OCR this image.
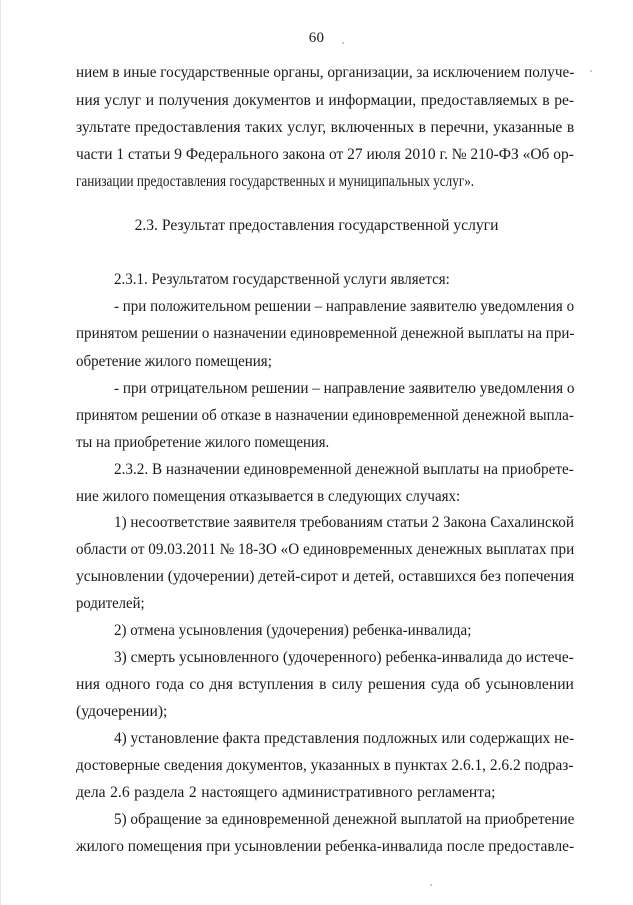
60
нием в иные государственные органы, организации, за исключением получе-
ния услуг и получения документов и информации, предоставляемых в ре-
зультате предоставления таких услуг, включенных в перечни, указанные в
части 1 статьи 9 Федерального закона от 27 июля 2010 г. № 210-ФЗ «Об ор-
ганизации предоставления государственных и муниципальных услуг».
2.3. Результат предоставления государственной услуги
2.3.1. Результатом государственной услуги является:
- при положительном решении – направление заявителю уведомления о
принятом решении о назначении единовременной денежной выплаты на при-
обретение жилого помещения;
- при отрицательном решении – направление заявителю уведомления о
принятом решении об отказе в назначении единовременной денежной выпла-
ты на приобретение жилого помещения.
2.3.2. В назначении единовременной денежной выплаты на приобрете-
ние жилого помещения отказывается в следующих случаях:
1) несоответствие заявителя требованиям статьи 2 Закона Сахалинской
области от 09.03.2011 № 18-ЗО «О единовременных денежных выплатах при
усыновлении (удочерении) детей-сирот и детей, оставшихся без попечения
родителей;
2) отмена усыновления (удочерения) ребенка-инвалида;
3) смерть усыновленного (удочеренного) ребенка-инвалида до истече-
ния одного года со дня вступления в силу решения суда об усыновлении
(удочерении);
4) установление факта представления подложных или содержащих не-
достоверные сведения документов, указанных в пунктах 2.6.1, 2.6.2 подраз-
дела 2.6 раздела 2 настоящего административного регламента;
5) обращение за единовременной денежной выплатой на приобретение
жилого помещения при усыновлении ребенка-инвалида после предоставле-
